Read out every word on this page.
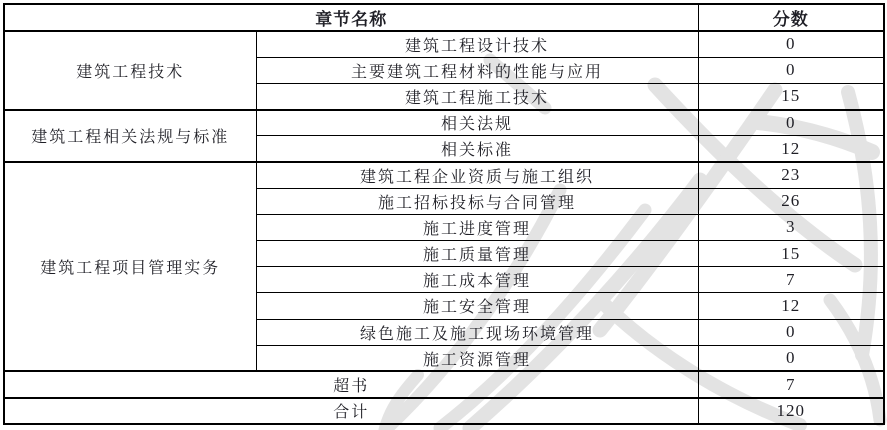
章节名称		分数
建筑工程技术	建筑工程设计技术	0
	主要建筑工程材料的性能与应用	0
	建筑工程施工技术	15
建筑工程相关法规与标准	相关法规	0
	相关标准	12
建筑工程项目管理实务	建筑工程企业资质与施工组织	23
	施工招标投标与合同管理	26
	施工进度管理	3
	施工质量管理	15
	施工成本管理	7
	施工安全管理	12
	绿色施工及施工现场环境管理	0
	施工资源管理	0
超书		7
合计		120
